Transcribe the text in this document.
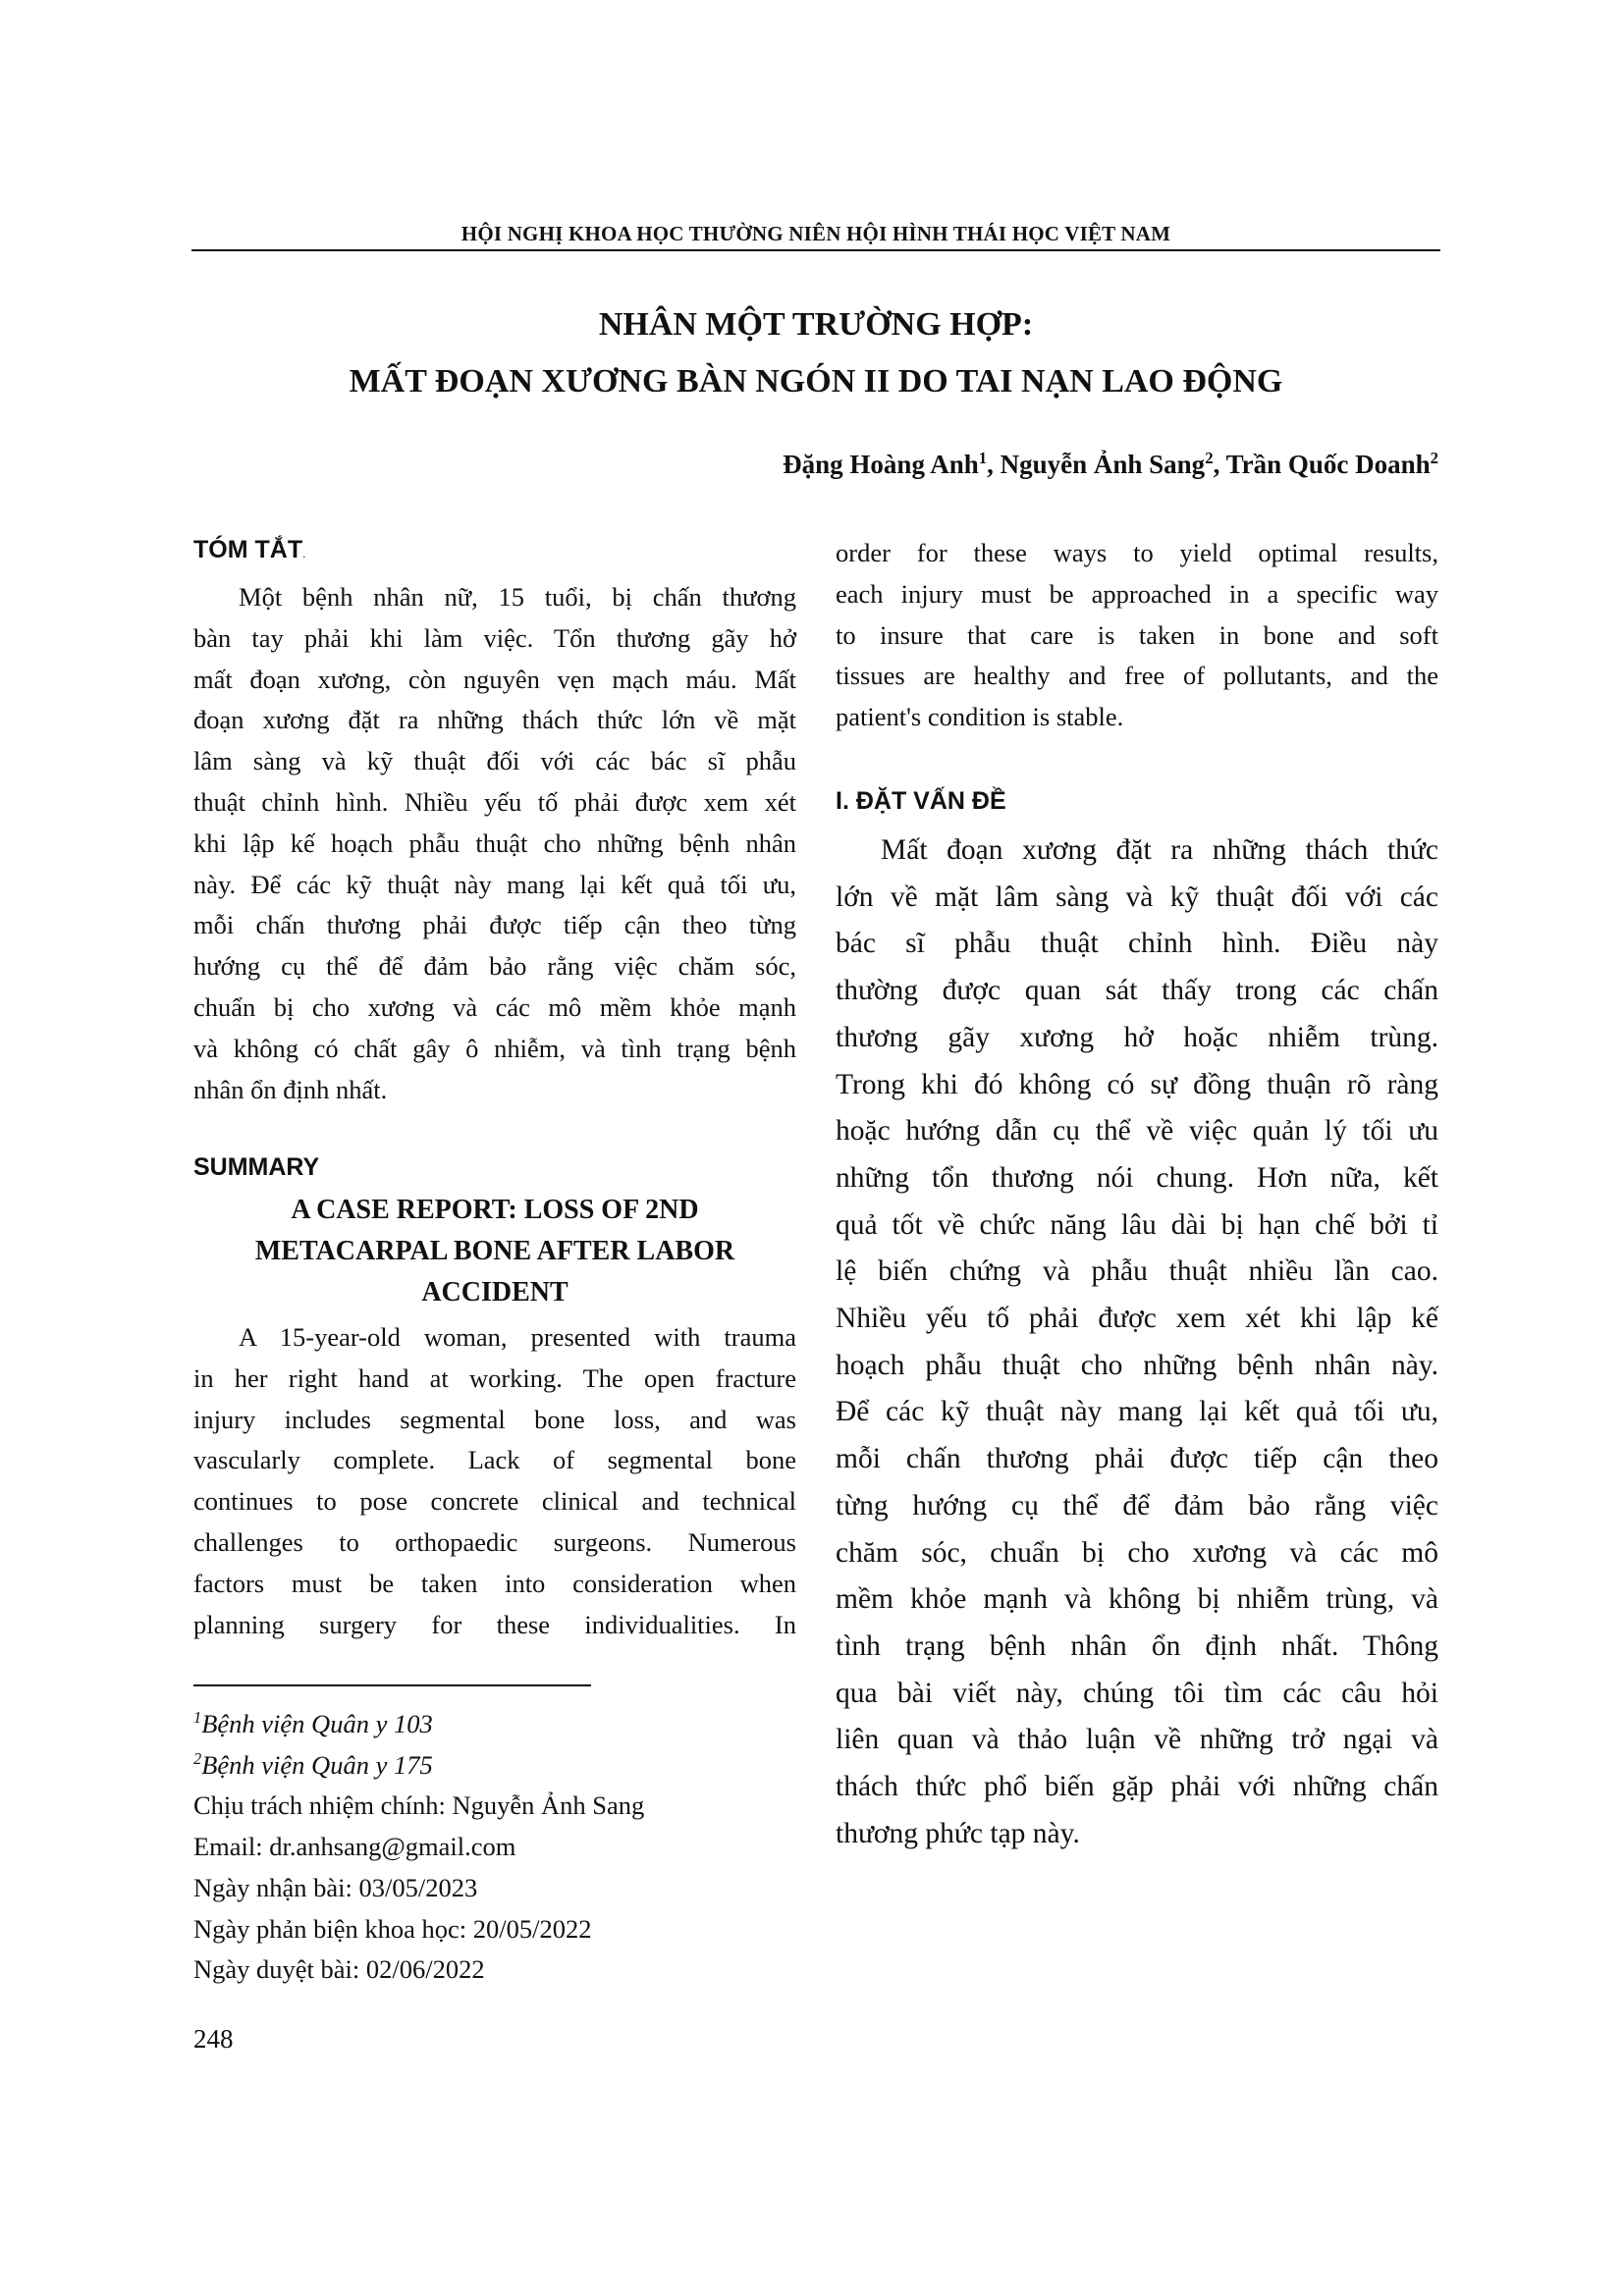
HỘI NGHỊ KHOA HỌC THƯỜNG NIÊN HỘI HÌNH THÁI HỌC VIỆT NAM
NHÂN MỘT TRƯỜNG HỢP:
MẤT ĐOẠN XƯƠNG BÀN NGÓN II DO TAI NẠN LAO ĐỘNG
Đặng Hoàng Anh$^1$, Nguyễn Ảnh Sang$^2$, Trần Quốc Doanh$^2$
TÓM TẮT.
Một bệnh nhân nữ, 15 tuổi, bị chấn thương
bàn tay phải khi làm việc. Tổn thương gãy hở
mất đoạn xương, còn nguyên vẹn mạch máu. Mất
đoạn xương đặt ra những thách thức lớn về mặt
lâm sàng và kỹ thuật đối với các bác sĩ phẫu
thuật chỉnh hình. Nhiều yếu tố phải được xem xét
khi lập kế hoạch phẫu thuật cho những bệnh nhân
này. Để các kỹ thuật này mang lại kết quả tối ưu,
mỗi chấn thương phải được tiếp cận theo từng
hướng cụ thể để đảm bảo rằng việc chăm sóc,
chuẩn bị cho xương và các mô mềm khỏe mạnh
và không có chất gây ô nhiễm, và tình trạng bệnh
nhân ổn định nhất.
SUMMARY
A CASE REPORT: LOSS OF 2ND
METACARPAL BONE AFTER LABOR
ACCIDENT
A 15-year-old woman, presented with trauma
in her right hand at working. The open fracture
injury includes segmental bone loss, and was
vascularly complete. Lack of segmental bone
continues to pose concrete clinical and technical
challenges to orthopaedic surgeons. Numerous
factors must be taken into consideration when
planning surgery for these individualities. In
$^1$Bệnh viện Quân y 103
$^2$Bệnh viện Quân y 175
Chịu trách nhiệm chính: Nguyễn Ảnh Sang
Email: dr.anhsang@gmail.com
Ngày nhận bài: 03/05/2023
Ngày phản biện khoa học: 20/05/2022
Ngày duyệt bài: 02/06/2022
248
order for these ways to yield optimal results,
each injury must be approached in a specific way
to insure that care is taken in bone and soft
tissues are healthy and free of pollutants, and the
patient's condition is stable.
I. ĐẶT VẤN ĐỀ
Mất đoạn xương đặt ra những thách thức
lớn về mặt lâm sàng và kỹ thuật đối với các
bác sĩ phẫu thuật chỉnh hình. Điều này
thường được quan sát thấy trong các chấn
thương gãy xương hở hoặc nhiễm trùng.
Trong khi đó không có sự đồng thuận rõ ràng
hoặc hướng dẫn cụ thể về việc quản lý tối ưu
những tổn thương nói chung. Hơn nữa, kết
quả tốt về chức năng lâu dài bị hạn chế bởi tỉ
lệ biến chứng và phẫu thuật nhiều lần cao.
Nhiều yếu tố phải được xem xét khi lập kế
hoạch phẫu thuật cho những bệnh nhân này.
Để các kỹ thuật này mang lại kết quả tối ưu,
mỗi chấn thương phải được tiếp cận theo
từng hướng cụ thể để đảm bảo rằng việc
chăm sóc, chuẩn bị cho xương và các mô
mềm khỏe mạnh và không bị nhiễm trùng, và
tình trạng bệnh nhân ổn định nhất. Thông
qua bài viết này, chúng tôi tìm các câu hỏi
liên quan và thảo luận về những trở ngại và
thách thức phổ biến gặp phải với những chấn
thương phức tạp này.
